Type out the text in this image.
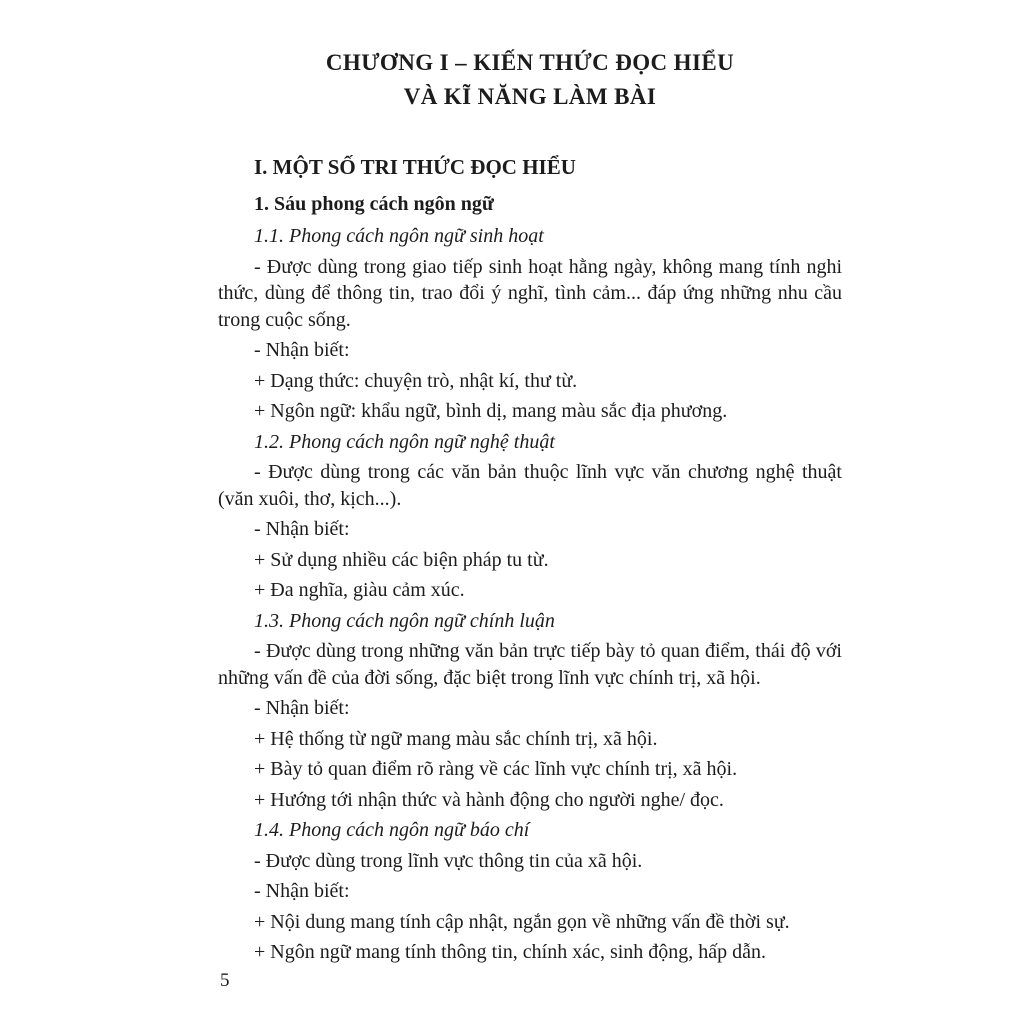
CHƯƠNG I – KIẾN THỨC ĐỌC HIỂU
VÀ KĨ NĂNG LÀM BÀI
I. MỘT SỐ TRI THỨC ĐỌC HIỂU
1. Sáu phong cách ngôn ngữ

1.1. Phong cách ngôn ngữ sinh hoạt

- Được dùng trong giao tiếp sinh hoạt hằng ngày, không mang tính nghi thức, dùng để thông tin, trao đổi ý nghĩ, tình cảm... đáp ứng những nhu cầu trong cuộc sống.

- Nhận biết:

+ Dạng thức: chuyện trò, nhật kí, thư từ.

+ Ngôn ngữ: khẩu ngữ, bình dị, mang màu sắc địa phương.

1.2. Phong cách ngôn ngữ nghệ thuật

- Được dùng trong các văn bản thuộc lĩnh vực văn chương nghệ thuật (văn xuôi, thơ, kịch...).

- Nhận biết:

+ Sử dụng nhiều các biện pháp tu từ.

+ Đa nghĩa, giàu cảm xúc.

1.3. Phong cách ngôn ngữ chính luận

- Được dùng trong những văn bản trực tiếp bày tỏ quan điểm, thái độ với những vấn đề của đời sống, đặc biệt trong lĩnh vực chính trị, xã hội.

- Nhận biết:

+ Hệ thống từ ngữ mang màu sắc chính trị, xã hội.

+ Bày tỏ quan điểm rõ ràng về các lĩnh vực chính trị, xã hội.

+ Hướng tới nhận thức và hành động cho người nghe/ đọc.

1.4. Phong cách ngôn ngữ báo chí

- Được dùng trong lĩnh vực thông tin của xã hội.

- Nhận biết:

+ Nội dung mang tính cập nhật, ngắn gọn về những vấn đề thời sự.

+ Ngôn ngữ mang tính thông tin, chính xác, sinh động, hấp dẫn.

5
